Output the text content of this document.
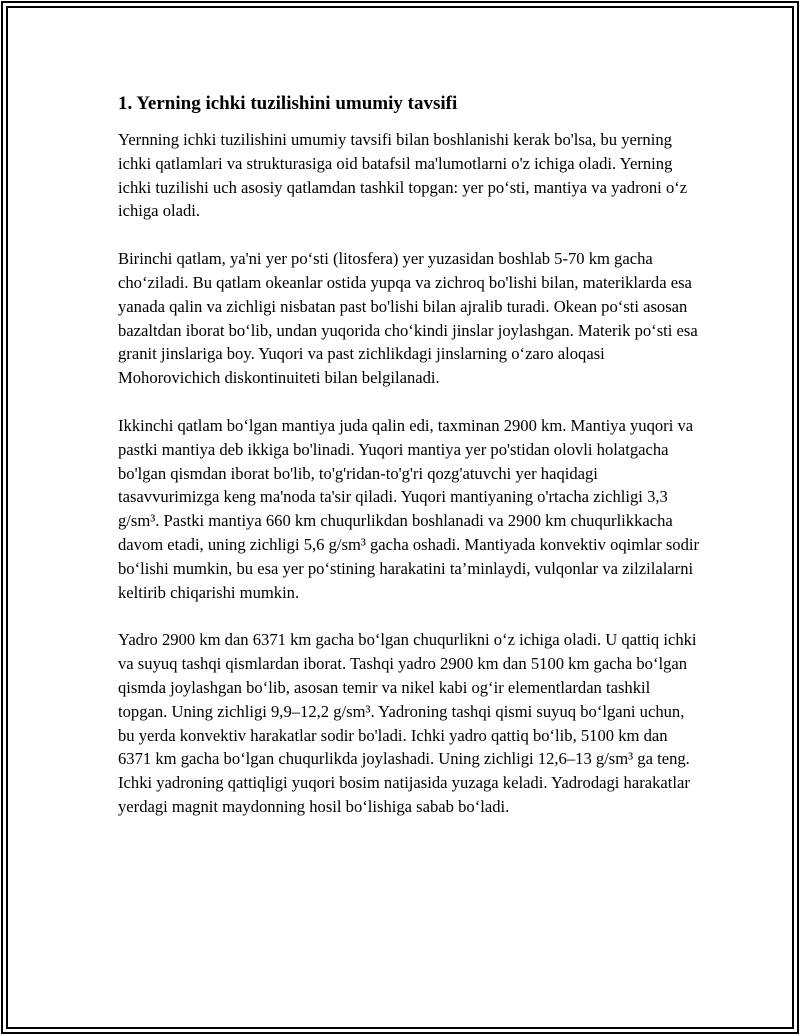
1. Yerning ichki tuzilishini umumiy tavsifi

Yernning ichki tuzilishini umumiy tavsifi bilan boshlanishi kerak bo'lsa, bu yerning ichki qatlamlari va strukturasiga oid batafsil ma'lumotlarni o'z ichiga oladi. Yerning ichki tuzilishi uch asosiy qatlamdan tashkil topgan: yer po‘sti, mantiya va yadroni o‘z ichiga oladi.

Birinchi qatlam, ya'ni yer po‘sti (litosfera) yer yuzasidan boshlab 5-70 km gacha cho‘ziladi. Bu qatlam okeanlar ostida yupqa va zichroq bo'lishi bilan, materiklarda esa yanada qalin va zichligi nisbatan past bo'lishi bilan ajralib turadi. Okean po‘sti asosan bazaltdan iborat bo‘lib, undan yuqorida cho‘kindi jinslar joylashgan. Materik po‘sti esa granit jinslariga boy. Yuqori va past zichlikdagi jinslarning o‘zaro aloqasi Mohorovichich diskontinuiteti bilan belgilanadi.

Ikkinchi qatlam bo‘lgan mantiya juda qalin edi, taxminan 2900 km. Mantiya yuqori va pastki mantiya deb ikkiga bo'linadi. Yuqori mantiya yer po'stidan olovli holatgacha bo'lgan qismdan iborat bo'lib, to'g'ridan-to'g'ri qozg'atuvchi yer haqidagi tasavvurimizga keng ma'noda ta'sir qiladi. Yuqori mantiyaning o'rtacha zichligi 3,3 g/sm³. Pastki mantiya 660 km chuqurlikdan boshlanadi va 2900 km chuqurlikkacha davom etadi, uning zichligi 5,6 g/sm³ gacha oshadi. Mantiyada konvektiv oqimlar sodir bo‘lishi mumkin, bu esa yer po‘stining harakatini ta’minlaydi, vulqonlar va zilzilalarni keltirib chiqarishi mumkin.

Yadro 2900 km dan 6371 km gacha bo‘lgan chuqurlikni o‘z ichiga oladi. U qattiq ichki va suyuq tashqi qismlardan iborat. Tashqi yadro 2900 km dan 5100 km gacha bo‘lgan qismda joylashgan bo‘lib, asosan temir va nikel kabi og‘ir elementlardan tashkil topgan. Uning zichligi 9,9–12,2 g/sm³. Yadroning tashqi qismi suyuq bo‘lgani uchun, bu yerda konvektiv harakatlar sodir bo'ladi. Ichki yadro qattiq bo‘lib, 5100 km dan 6371 km gacha bo‘lgan chuqurlikda joylashadi. Uning zichligi 12,6–13 g/sm³ ga teng. Ichki yadroning qattiqligi yuqori bosim natijasida yuzaga keladi. Yadrodagi harakatlar yerdagi magnit maydonning hosil bo‘lishiga sabab bo‘ladi.
